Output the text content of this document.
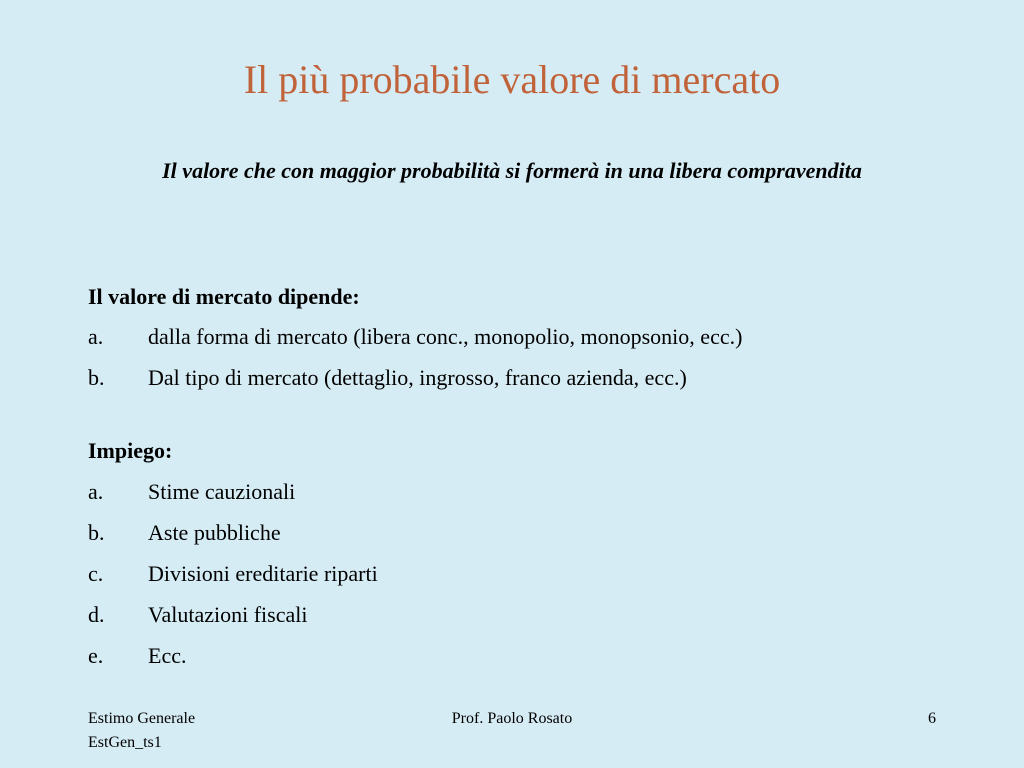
Il più probabile valore di mercato
Il valore che con maggior probabilità si formerà in una libera compravendita
Il valore di mercato dipende:
a.	dalla forma di mercato (libera conc., monopolio, monopsonio, ecc.)
b.	Dal tipo di mercato (dettaglio, ingrosso, franco azienda, ecc.)
Impiego:
a.	Stime cauzionali
b.	Aste pubbliche
c.	Divisioni ereditarie riparti
d.	Valutazioni fiscali
e.	Ecc.
Estimo Generale
EstGen_ts1
Prof. Paolo Rosato	6
